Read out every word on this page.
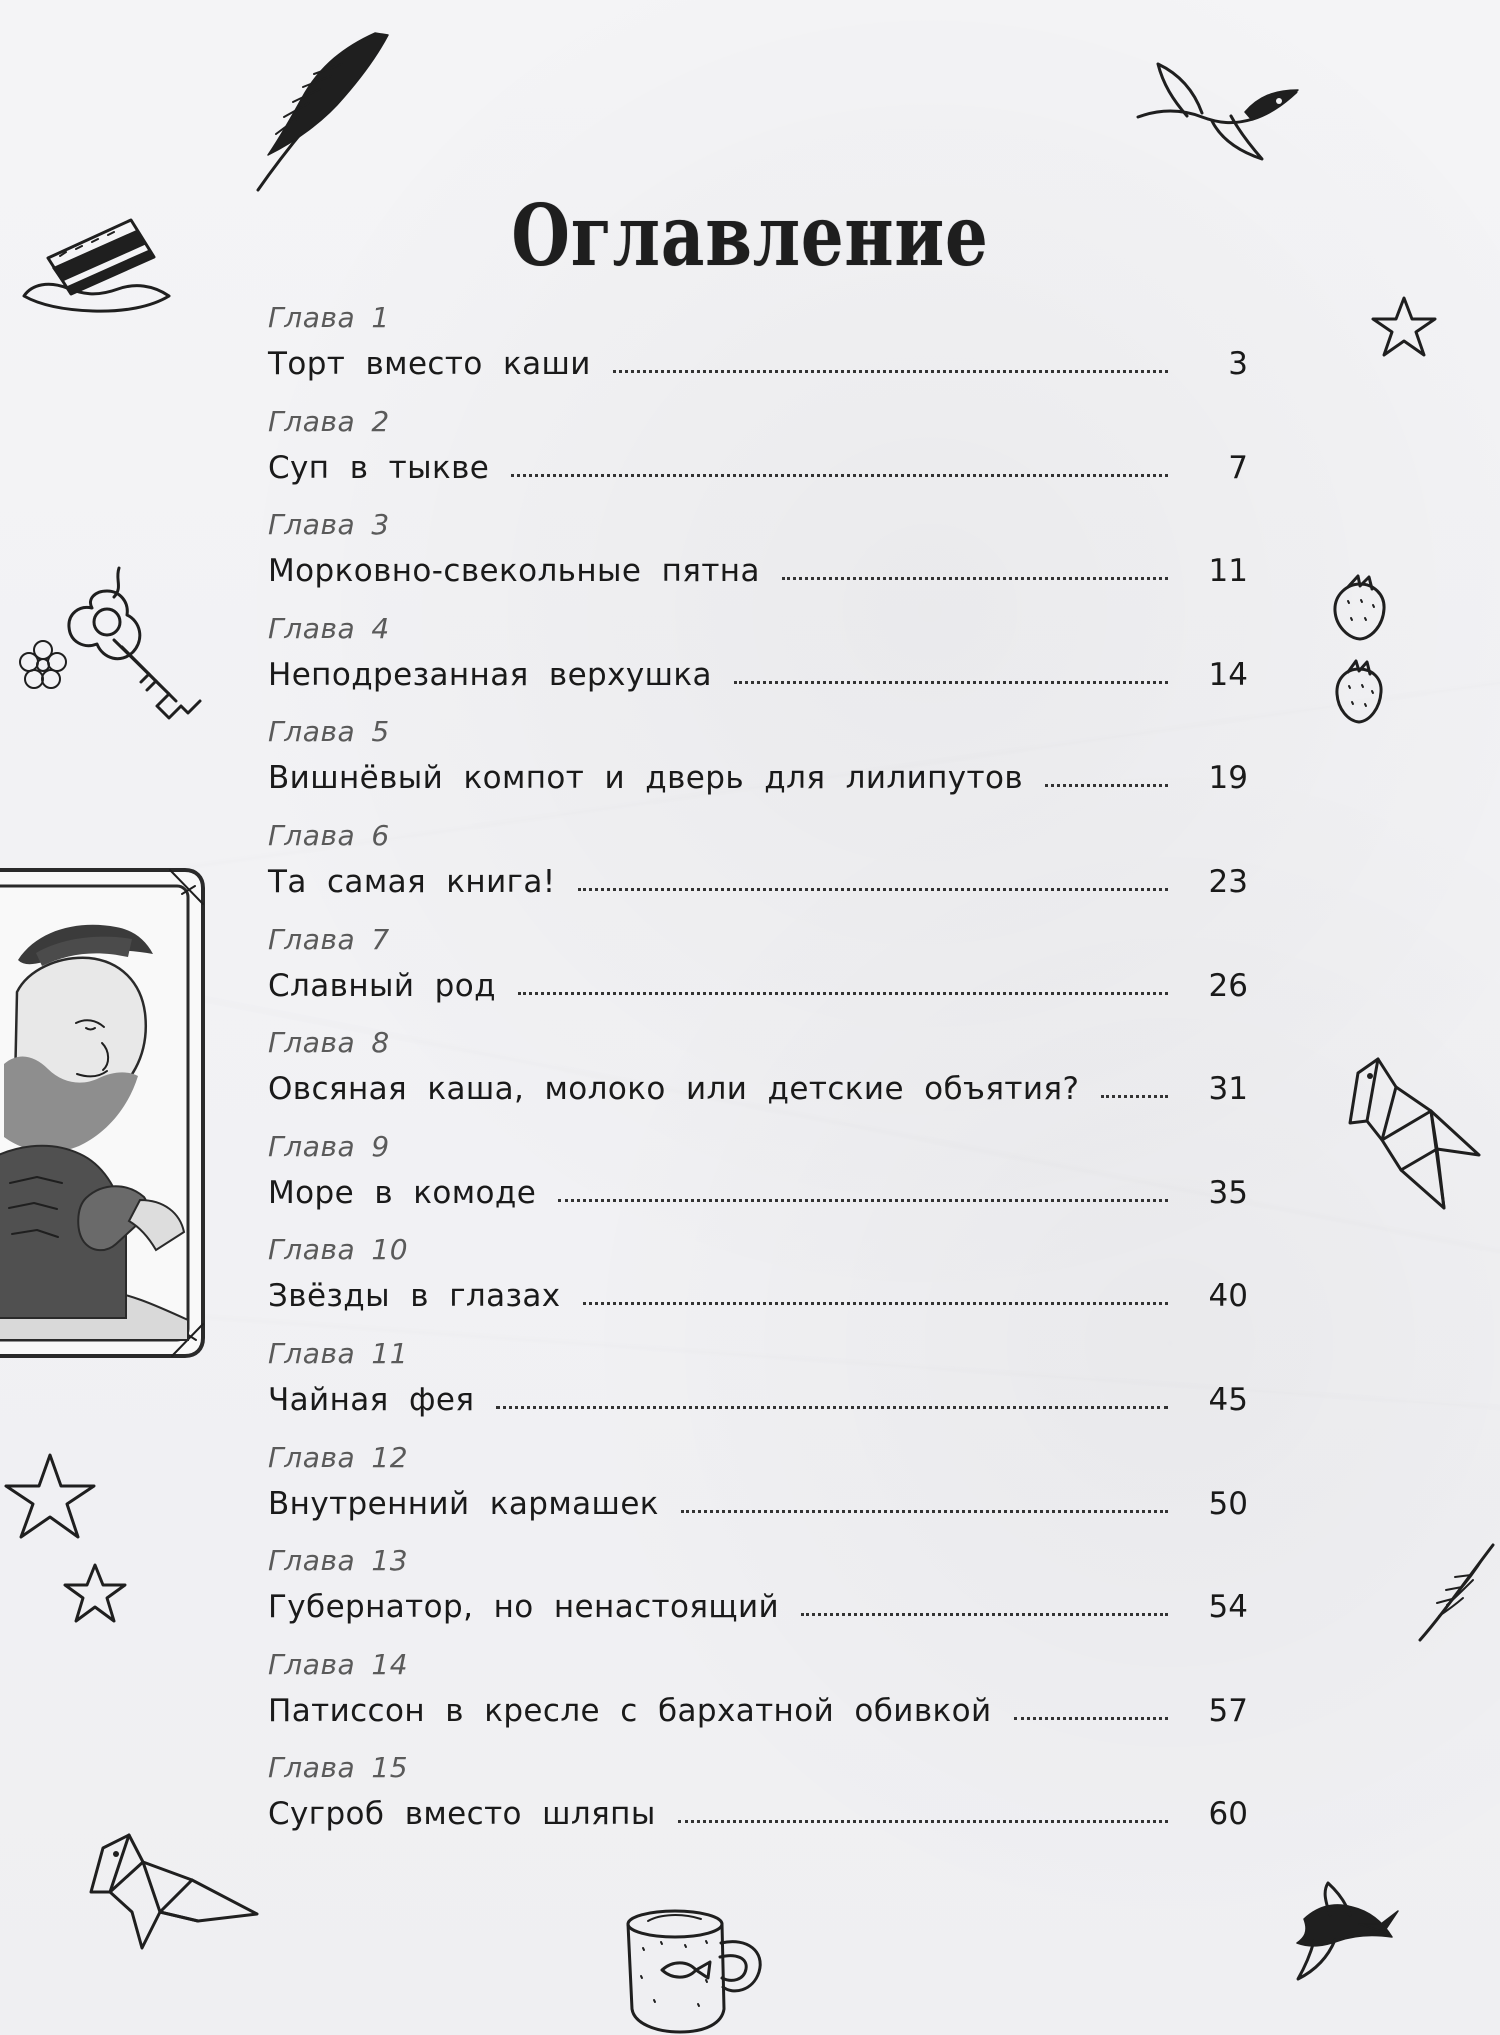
Оглавление
Глава 1
Торт вместо каши	3
Глава 2
Суп в тыкве	7
Глава 3
Морковно-свекольные пятна	11
Глава 4
Неподрезанная верхушка	14
Глава 5
Вишнёвый компот и дверь для лилипутов	19
Глава 6
Та самая книга!	23
Глава 7
Славный род	26
Глава 8
Овсяная каша, молоко или детские объятия?	31
Глава 9
Море в комоде	35
Глава 10
Звёзды в глазах	40
Глава 11
Чайная фея	45
Глава 12
Внутренний кармашек	50
Глава 13
Губернатор, но ненастоящий	54
Глава 14
Патиссон в кресле с бархатной обивкой	57
Глава 15
Сугроб вместо шляпы	60
